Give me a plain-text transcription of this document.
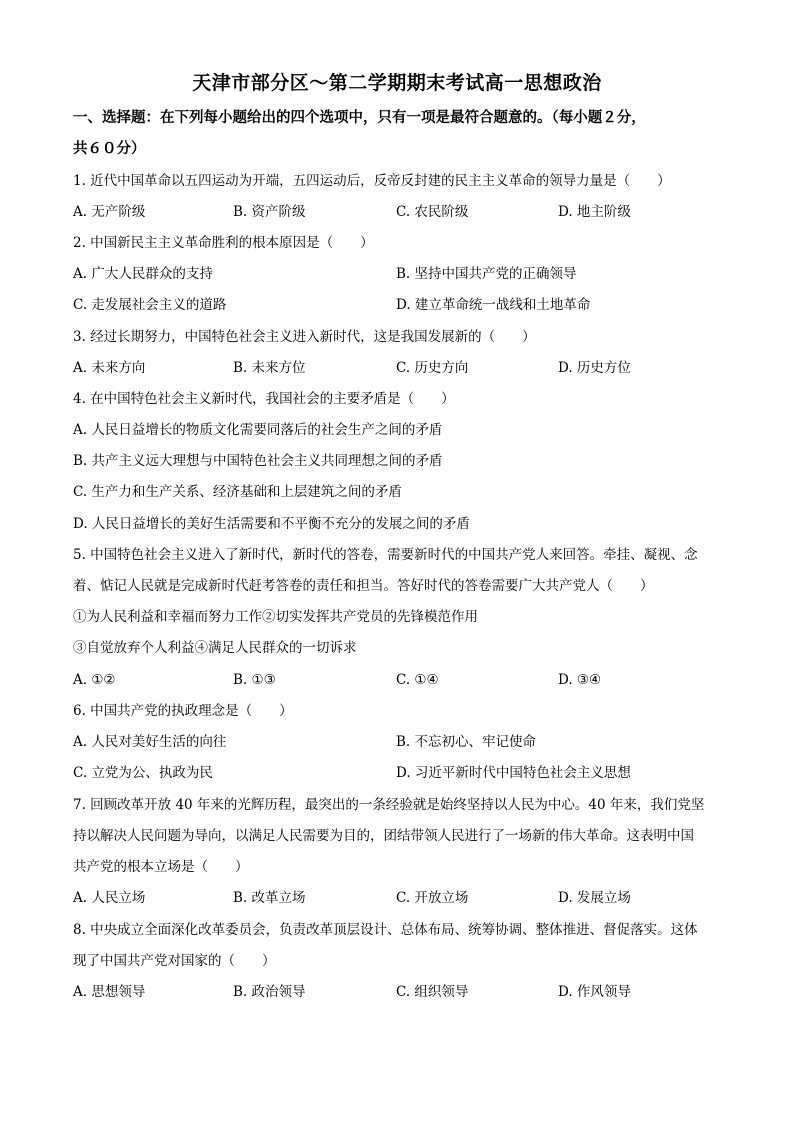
天津市部分区～第二学期期末考试高一思想政治
一、选择题：在下列每小题给出的四个选项中，只有一项是最符合题意的。（每小题２分，
共６０分）
1. 近代中国革命以五四运动为开端，五四运动后，反帝反封建的民主主义革命的领导力量是（　　）
A. 无产阶级	B. 资产阶级	C. 农民阶级	D. 地主阶级
2. 中国新民主主义革命胜利的根本原因是（　　）
A. 广大人民群众的支持	B. 坚持中国共产党的正确领导
C. 走发展社会主义的道路	D. 建立革命统一战线和土地革命
3. 经过长期努力，中国特色社会主义进入新时代，这是我国发展新的（　　）
A. 未来方向	B. 未来方位	C. 历史方向	D. 历史方位
4. 在中国特色社会主义新时代，我国社会的主要矛盾是（　　）
A. 人民日益增长的物质文化需要同落后的社会生产之间的矛盾
B. 共产主义远大理想与中国特色社会主义共同理想之间的矛盾
C. 生产力和生产关系、经济基础和上层建筑之间的矛盾
D. 人民日益增长的美好生活需要和不平衡不充分的发展之间的矛盾
5. 中国特色社会主义进入了新时代，新时代的答卷，需要新时代的中国共产党人来回答。牵挂、凝视、念
着、惦记人民就是完成新时代赶考答卷的责任和担当。答好时代的答卷需要广大共产党人（　　）
①为人民利益和幸福而努力工作②切实发挥共产党员的先锋模范作用
③自觉放弃个人利益④满足人民群众的一切诉求
A. ①②	B. ①③	C. ①④	D. ③④
6. 中国共产党的执政理念是（　　）
A. 人民对美好生活的向往	B. 不忘初心、牢记使命
C. 立党为公、执政为民	D. 习近平新时代中国特色社会主义思想
7. 回顾改革开放 40 年来的光辉历程，最突出的一条经验就是始终坚持以人民为中心。40 年来，我们党坚
持以解决人民问题为导向，以满足人民需要为目的，团结带领人民进行了一场新的伟大革命。这表明中国
共产党的根本立场是（　　）
A. 人民立场	B. 改革立场	C. 开放立场	D. 发展立场
8. 中央成立全面深化改革委员会，负责改革顶层设计、总体布局、统筹协调、整体推进、督促落实。这体
现了中国共产党对国家的（　　）
A. 思想领导	B. 政治领导	C. 组织领导	D. 作风领导
